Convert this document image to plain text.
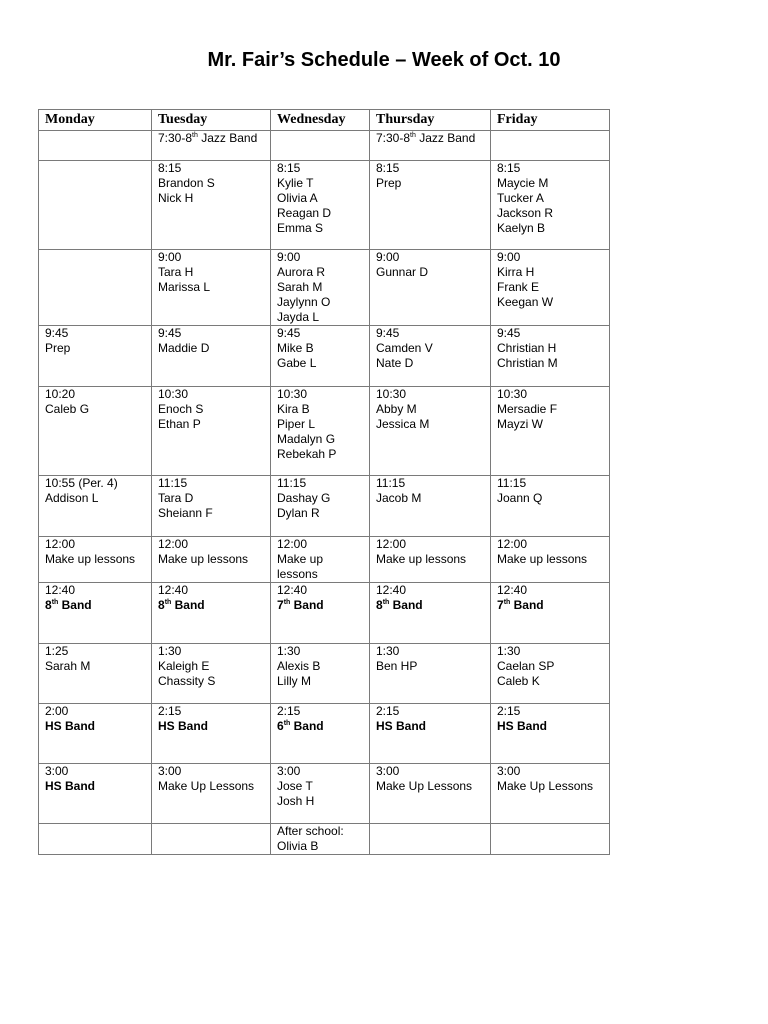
Mr. Fair’s Schedule – Week of Oct. 10
Monday	Tuesday	Wednesday	Thursday	Friday

	7:30-8th Jazz Band		7:30-8th Jazz Band	

	8:15
Brandon S
Nick H	8:15
Kylie T
Olivia A
Reagan D
Emma S	8:15
Prep	8:15
Maycie M
Tucker A
Jackson R
Kaelyn B

	9:00
Tara H
Marissa L	9:00
Aurora R
Sarah M
Jaylynn O
Jayda L	9:00
Gunnar D	9:00
Kirra H
Frank E
Keegan W

9:45
Prep	9:45
Maddie D	9:45
Mike B
Gabe L	9:45
Camden V
Nate D	9:45
Christian H
Christian M

10:20
Caleb G	10:30
Enoch S
Ethan P	10:30
Kira B
Piper L
Madalyn G
Rebekah P	10:30
Abby M
Jessica M	10:30
Mersadie F
Mayzi W

10:55 (Per. 4)
Addison L	11:15
Tara D
Sheiann F	11:15
Dashay G
Dylan R	11:15
Jacob M	11:15
Joann Q

12:00
Make up lessons	12:00
Make up lessons	12:00
Make up
lessons	12:00
Make up lessons	12:00
Make up lessons

12:40
8th Band	12:40
8th Band	12:40
7th Band	12:40
8th Band	12:40
7th Band

1:25
Sarah M	1:30
Kaleigh E
Chassity S	1:30
Alexis B
Lilly M	1:30
Ben HP	1:30
Caelan SP
Caleb K

2:00
HS Band	2:15
HS Band	2:15
6th Band	2:15
HS Band	2:15
HS Band

3:00
HS Band	3:00
Make Up Lessons	3:00
Jose T
Josh H	3:00
Make Up Lessons	3:00
Make Up Lessons

		After school:
Olivia B		
